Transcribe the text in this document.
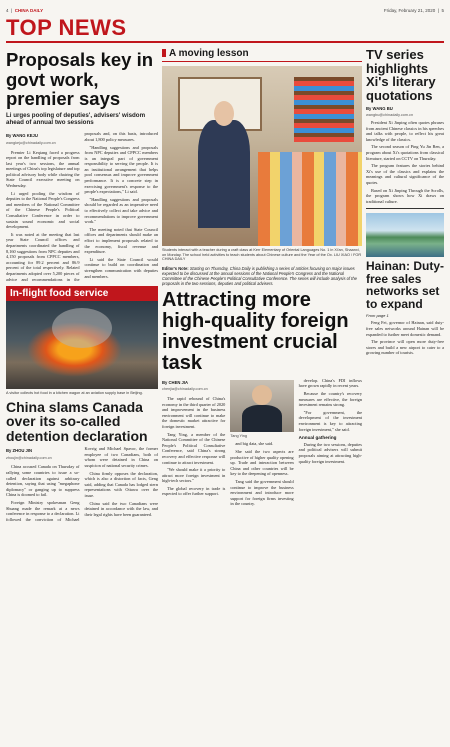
4  |  CHINA DAILY	Friday, February 21, 2020  |  5
TOP NEWS
Proposals key in govt work, premier says
Li urges pooling of deputies', advisers' wisdom ahead of annual two sessions
By WANG KEJU
wangkeju@chinadaily.com.cn

Premier Li Keqiang faced a progress report on the handling of proposals from last year's two sessions, the annual meetings of China's top legislature and top political advisory body while chairing the State Council executive meeting on Wednesday.

Li urged pooling the wisdom of deputies to the National People's Congress and members of the National Committee of the Chinese People's Political Consultative Conference in order to sustain sound economic and social development.

It was noted at the meeting that last year State Council offices and departments coordinated the handling of 8,160 suggestions from NPC deputies and 4,150 proposals from CPPCC members, accounting for 89.2 percent and 86.9 percent of the total respectively. Related departments adopted over 5,200 pieces of advice and recommendations in the proposals and, on this basis, introduced about 1,800 policy measures.

"Handling suggestions and proposals from NPC deputies and CPPCC members is an integral part of government responsibility to serving the people. It is an institutional arrangement that helps pool consensus and improve government performance. It is a concrete step in exercising government's response to the people's expectations," Li said.

"Handling suggestions and proposals should be regarded as an imperative need to effectively collect and take advice and recommendations to improve government work."

The meeting noted that State Council offices and departments should make an effort to implement proposals related to the economy, fiscal revenue and expenditure.

Li said the State Council would continue to build on coordination and strengthen communication with deputies and members.

In-flight food service
A visitor collects hot food in a kitchen wagon at an aviation supply base in Beijing.
China slams Canada over its so-called detention declaration
By ZHOU JIN
zhoujin@chinadaily.com.cn

China accused Canada on Thursday of rallying some countries to issue a so-called declaration against arbitrary detention, saying that using "megaphone diplomacy" or ganging up to suppress China is doomed to fail.

Foreign Ministry spokesman Geng Shuang made the remark at a news conference in response to a declaration. Li followed the conviction of Michael Kovrig and Michael Spavor, the former employee of two Canadians, both of whom were detained in China on suspicion of national security crimes.

China firmly opposes the declaration, which is also a distortion of facts, Geng said, adding that Canada has lodged stern representations with Ottawa over the issue.

China said the two Canadians were detained in accordance with the law, and their legal rights have been guaranteed.

A moving lesson
Students interact with a teacher during a craft class at Kerr Elementary of Oriental Languages No. 1 in Xi'an, Shaanxi, on Monday. The school held activities to teach students about Chinese culture and the Year of the Ox. LIU XIAO / FOR CHINA DAILY
Editor's Note: Starting on Thursday, China Daily is publishing a series of articles focusing on major issues expected to be discussed at the annual sessions of the National People's Congress and the National Committee of the Chinese People's Political Consultative Conference. The series will include analysis of the proposals in the two sessions, deputies and political advisers.
Attracting more high-quality foreign investment crucial task
By CHEN JIA
chenjia@chinadaily.com.cn

The rapid rebound of China's economy in the third quarter of 2020 and improvement in the business environment will continue to make the domestic market attractive for foreign investment.

Tang Ying, a member of the National Committee of the Chinese People's Political Consultative Conference, said China's strong recovery and effective response will continue to attract investment.

"We should make it a priority to attract more foreign investment in high-tech sectors."

The global recovery in trade is expected to offer further support.

Tang Ying

and big data, she said.

She said the two aspects are productive of higher quality opening up. Trade and interaction between China and other countries will be key to the deepening of openness.

Tang said the government should continue to improve the business environment and introduce more support for foreign firms investing in the country.

develop. China's FDI inflows have grown rapidly in recent years.

Because the country's recovery measures are effective, the foreign investment remains strong.

"For government, the development of the investment environment is key to attracting foreign investment," she said.

Annual gathering

During the two sessions, deputies and political advisers will submit proposals aiming at attracting high-quality foreign investment.

TV series highlights Xi's literary quotations
By WANG BU
wangbu@chinadaily.com.cn

President Xi Jinping often quotes phrases from ancient Chinese classics in his speeches and talks with people, to reflect his great knowledge of the classics.

The second season of Ping Yu Jin Ren, a program about Xi's quotations from classical literature, started on CCTV on Thursday.

The program features the stories behind Xi's use of the classics and explains the meanings and cultural significance of the quotes.

Based on Xi Jinping Through the Scrolls, the program shows how Xi draws on traditional culture.

Hainan: Duty-free sales networks set to expand
From page 1

Feng Fei, governor of Hainan, said duty-free sales networks around Hainan will be expanded to further meet domestic demand.

The province will open more duty-free stores and build a new airport to cater to a growing number of tourists.
